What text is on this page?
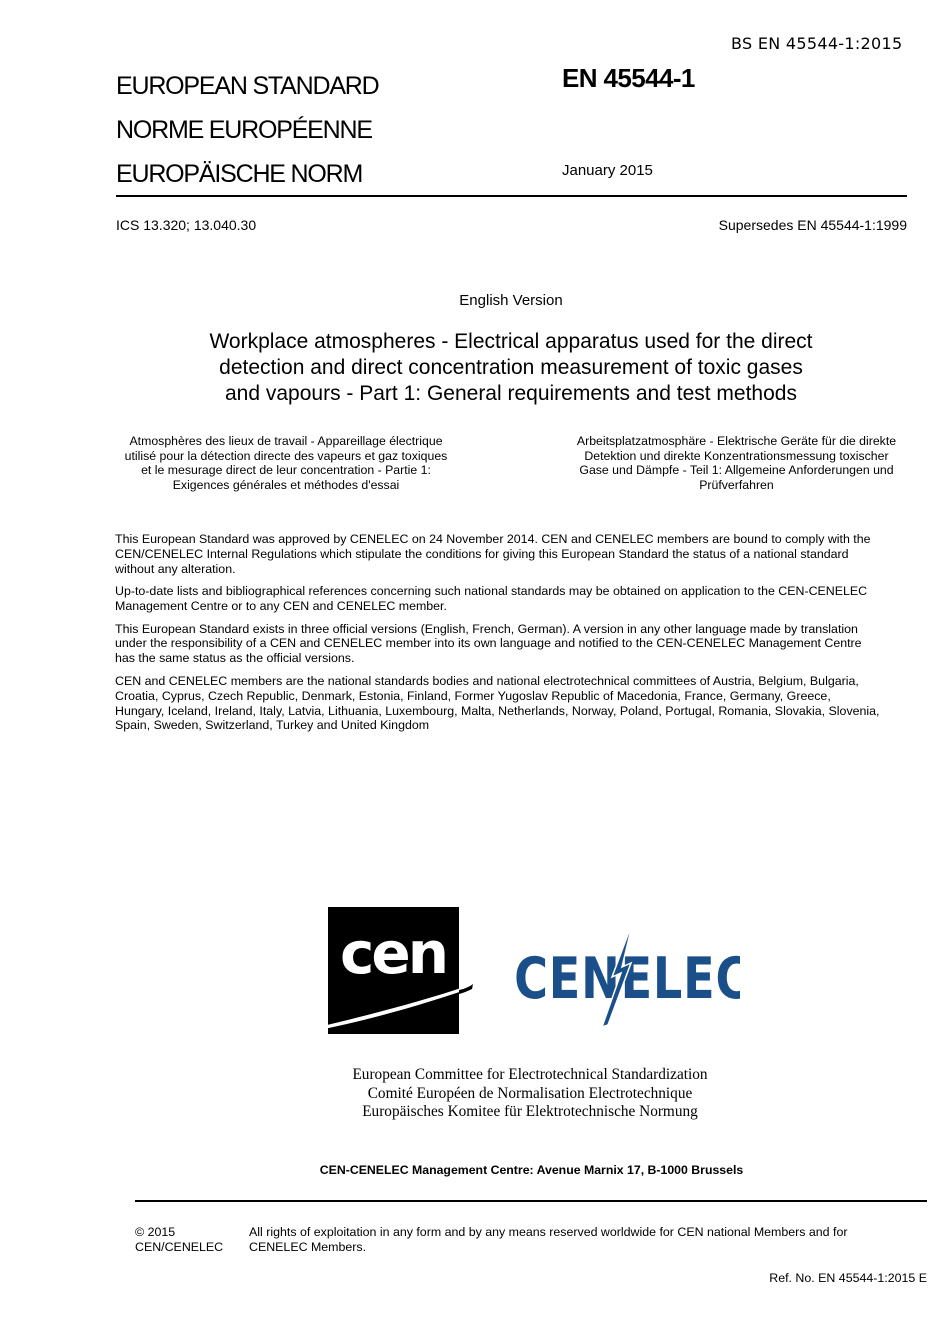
BS EN 45544-1:2015
EUROPEAN STANDARD
NORME EUROPÉENNE
EUROPÄISCHE NORM
EN 45544-1
January 2015
ICS 13.320; 13.040.30	Supersedes EN 45544-1:1999
English Version
Workplace atmospheres - Electrical apparatus used for the direct
detection and direct concentration measurement of toxic gases
and vapours - Part 1: General requirements and test methods
Atmosphères des lieux de travail - Appareillage électrique
utilisé pour la détection directe des vapeurs et gaz toxiques
et le mesurage direct de leur concentration - Partie 1:
Exigences générales et méthodes d'essai
Arbeitsplatzatmosphäre - Elektrische Geräte für die direkte
Detektion und direkte Konzentrationsmessung toxischer
Gase und Dämpfe - Teil 1: Allgemeine Anforderungen und
Prüfverfahren

This European Standard was approved by CENELEC on 24 November 2014. CEN and CENELEC members are bound to comply with the
CEN/CENELEC Internal Regulations which stipulate the conditions for giving this European Standard the status of a national standard
without any alteration.

Up-to-date lists and bibliographical references concerning such national standards may be obtained on application to the CEN-CENELEC
Management Centre or to any CEN and CENELEC member.

This European Standard exists in three official versions (English, French, German). A version in any other language made by translation
under the responsibility of a CEN and CENELEC member into its own language and notified to the CEN-CENELEC Management Centre
has the same status as the official versions.

CEN and CENELEC members are the national standards bodies and national electrotechnical committees of Austria, Belgium, Bulgaria,
Croatia, Cyprus, Czech Republic, Denmark, Estonia, Finland, Former Yugoslav Republic of Macedonia, France, Germany, Greece,
Hungary, Iceland, Ireland, Italy, Latvia, Lithuania, Luxembourg, Malta, Netherlands, Norway, Poland, Portugal, Romania, Slovakia, Slovenia,
Spain, Sweden, Switzerland, Turkey and United Kingdom

cen CENELEC
European Committee for Electrotechnical Standardization
Comité Européen de Normalisation Electrotechnique
Europäisches Komitee für Elektrotechnische Normung
CEN-CENELEC Management Centre: Avenue Marnix 17, B-1000 Brussels
© 2015
CEN/CENELEC
All rights of exploitation in any form and by any means reserved worldwide for CEN national Members and for
CENELEC Members.
Ref. No. EN 45544-1:2015 E
